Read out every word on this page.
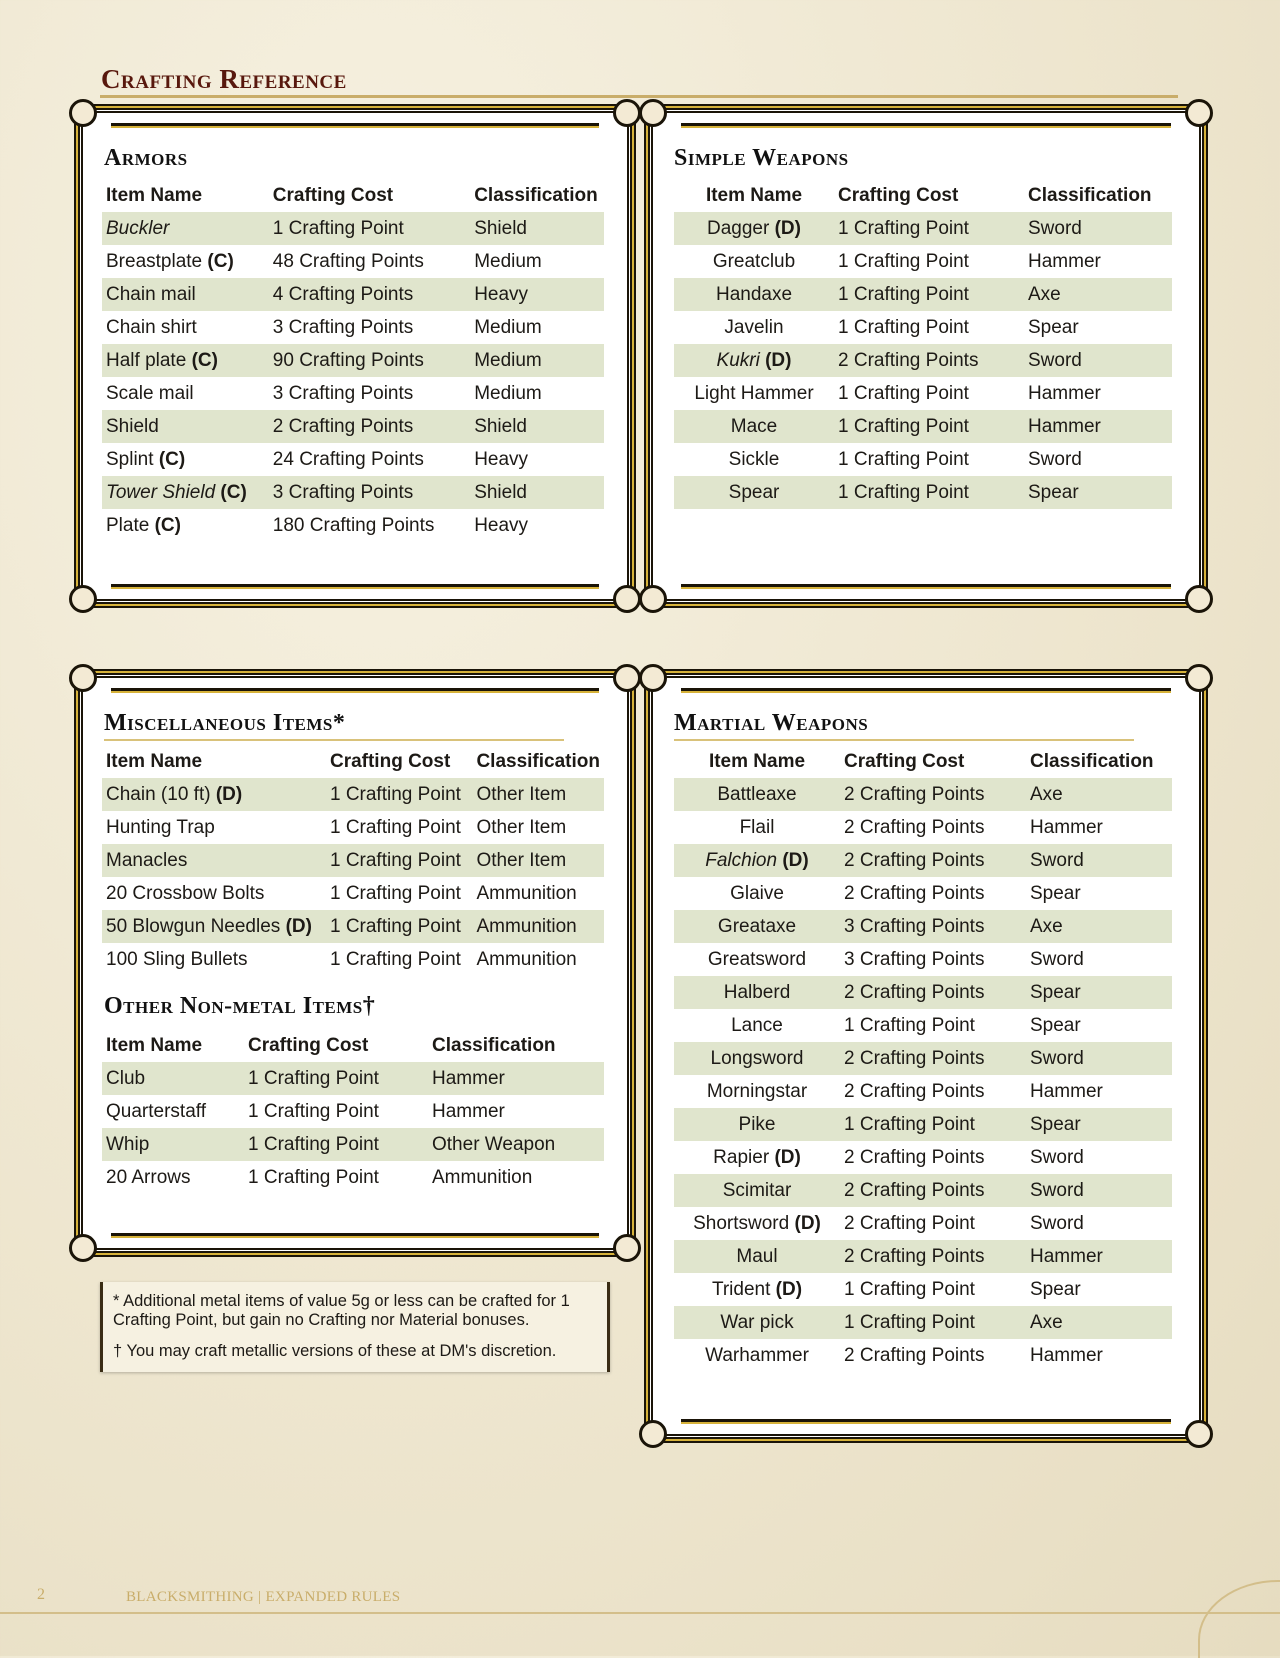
Crafting Reference
Armors
Item Name	Crafting Cost	Classification
Buckler	1 Crafting Point	Shield
Breastplate (C)	48 Crafting Points	Medium
Chain mail	4 Crafting Points	Heavy
Chain shirt	3 Crafting Points	Medium
Half plate (C)	90 Crafting Points	Medium
Scale mail	3 Crafting Points	Medium
Shield	2 Crafting Points	Shield
Splint (C)	24 Crafting Points	Heavy
Tower Shield (C)	3 Crafting Points	Shield
Plate (C)	180 Crafting Points	Heavy
Simple Weapons
Item Name	Crafting Cost	Classification
Dagger (D)	1 Crafting Point	Sword
Greatclub	1 Crafting Point	Hammer
Handaxe	1 Crafting Point	Axe
Javelin	1 Crafting Point	Spear
Kukri (D)	2 Crafting Points	Sword
Light Hammer	1 Crafting Point	Hammer
Mace	1 Crafting Point	Hammer
Sickle	1 Crafting Point	Sword
Spear	1 Crafting Point	Spear
Miscellaneous Items*
Item Name	Crafting Cost	Classification
Chain (10 ft) (D)	1 Crafting Point	Other Item
Hunting Trap	1 Crafting Point	Other Item
Manacles	1 Crafting Point	Other Item
20 Crossbow Bolts	1 Crafting Point	Ammunition
50 Blowgun Needles (D)	1 Crafting Point	Ammunition
100 Sling Bullets	1 Crafting Point	Ammunition
Other Non-metal Items†
Item Name	Crafting Cost	Classification
Club	1 Crafting Point	Hammer
Quarterstaff	1 Crafting Point	Hammer
Whip	1 Crafting Point	Other Weapon
20 Arrows	1 Crafting Point	Ammunition
Martial Weapons
Item Name	Crafting Cost	Classification
Battleaxe	2 Crafting Points	Axe
Flail	2 Crafting Points	Hammer
Falchion (D)	2 Crafting Points	Sword
Glaive	2 Crafting Points	Spear
Greataxe	3 Crafting Points	Axe
Greatsword	3 Crafting Points	Sword
Halberd	2 Crafting Points	Spear
Lance	1 Crafting Point	Spear
Longsword	2 Crafting Points	Sword
Morningstar	2 Crafting Points	Hammer
Pike	1 Crafting Point	Spear
Rapier (D)	2 Crafting Points	Sword
Scimitar	2 Crafting Points	Sword
Shortsword (D)	2 Crafting Point	Sword
Maul	2 Crafting Points	Hammer
Trident (D)	1 Crafting Point	Spear
War pick	1 Crafting Point	Axe
Warhammer	2 Crafting Points	Hammer

* Additional metal items of value 5g or less can be crafted for 1 Crafting Point, but gain no Crafting nor Material bonuses.

† You may craft metallic versions of these at DM's discretion.

2	BLACKSMITHING | EXPANDED RULES
